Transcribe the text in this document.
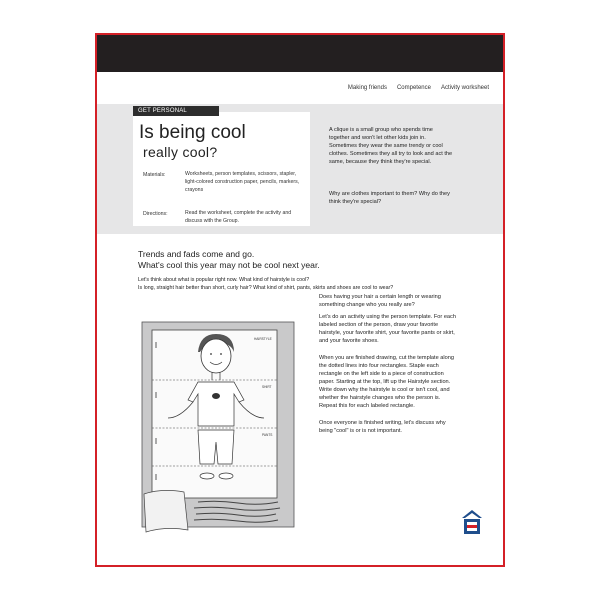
Making friends Competence Activity worksheet
GET PERSONAL
Is being cool
really cool?
Materials:	Worksheets, person templates, scissors, stapler, light-colored construction paper, pencils, markers, crayons
Directions:	Read the worksheet, complete the activity and discuss with the Group.
A clique is a small group who spends time together and won't let other kids join in. Sometimes they wear the same trendy or cool clothes. Sometimes they all try to look and act the same, because they think they're special.
Why are clothes important to them? Why do they think they're special?
Trends and fads come and go.
What's cool this year may not be cool next year.
Let's think about what is popular right now. What kind of hairstyle is cool?
Is long, straight hair better than short, curly hair? What kind of shirt, pants, skirts and shoes are cool to wear?
Does having your hair a certain length or wearing something change who you really are?
Let's do an activity using the person template. For each labeled section of the person, draw your favorite hairstyle, your favorite shirt, your favorite pants or skirt, and your favorite shoes.
When you are finished drawing, cut the template along the dotted lines into four rectangles. Staple each rectangle on the left side to a piece of construction paper. Starting at the top, lift up the Hairstyle section. Write down why the hairstyle is cool or isn't cool, and whether the hairstyle changes who the person is. Repeat this for each labeled rectangle.
Once everyone is finished writing, let's discuss why being "cool" is or is not important.
HAIRSTYLE
SHIRT
PANTS
